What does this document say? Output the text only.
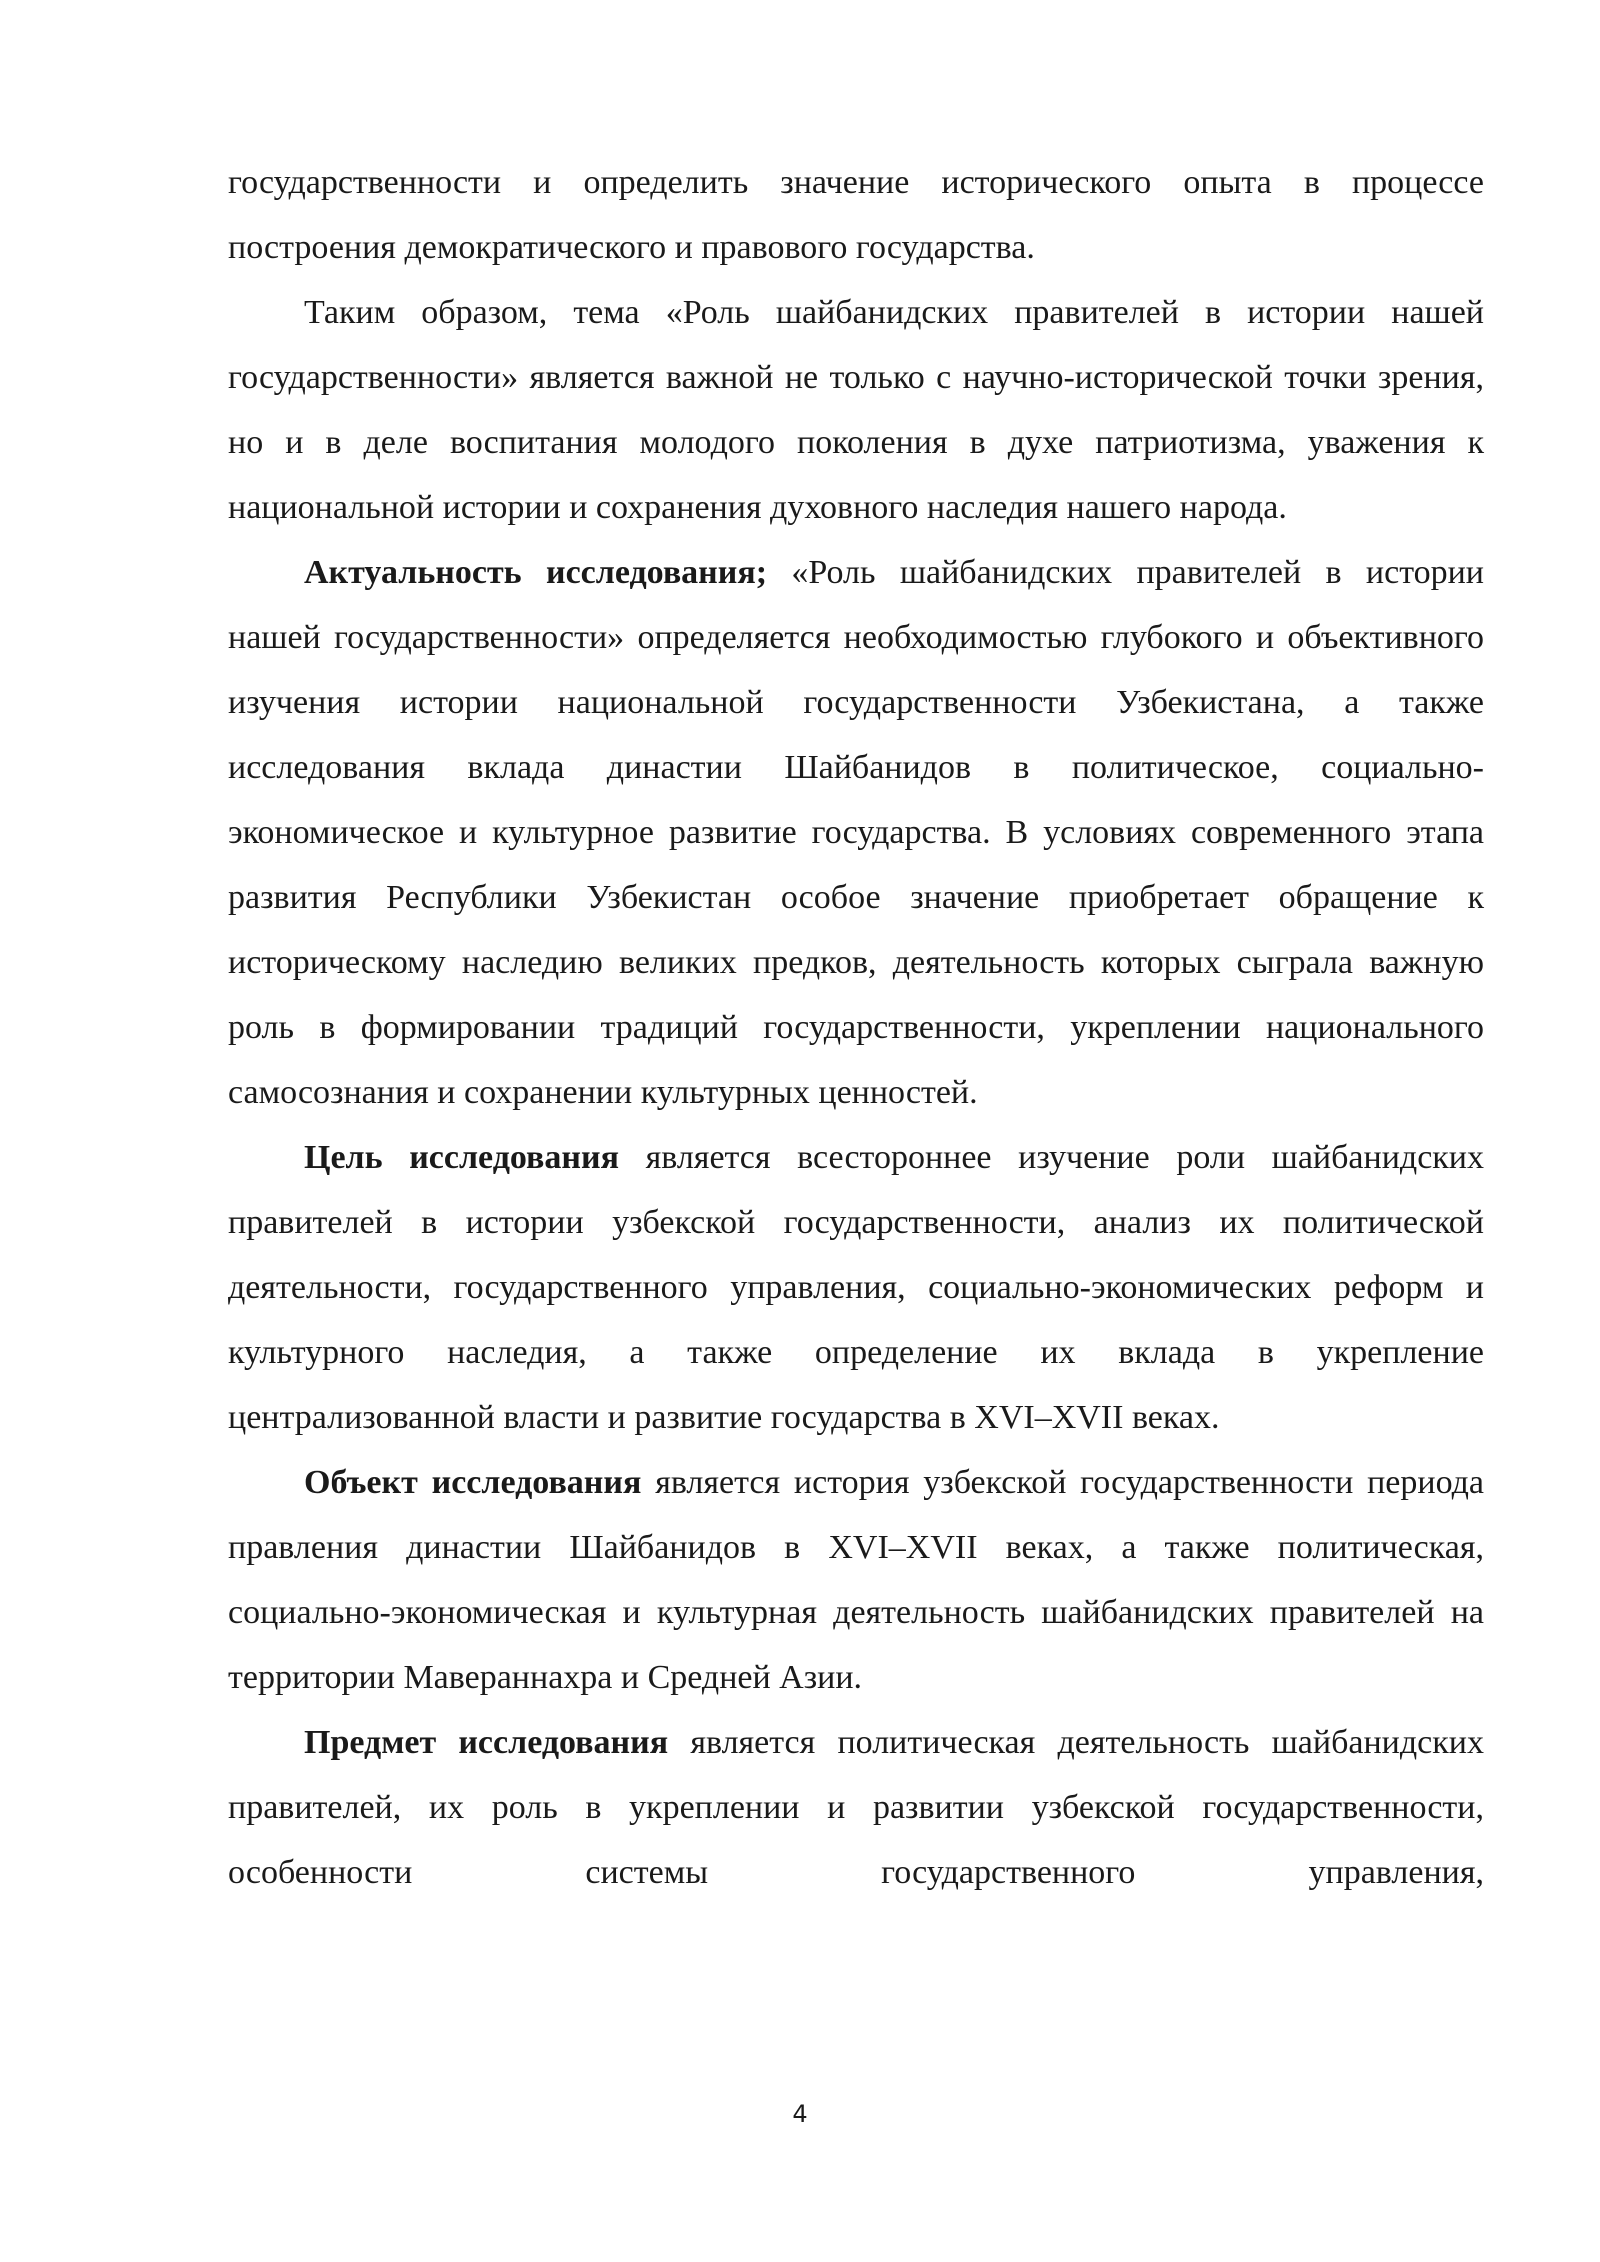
государственности и определить значение исторического опыта в процессе построения демократического и правового государства.

Таким образом, тема «Роль шайбанидских правителей в истории нашей государственности» является важной не только с научно-исторической точки зрения, но и в деле воспитания молодого поколения в духе патриотизма, уважения к национальной истории и сохранения духовного наследия нашего народа.

Актуальность исследования; «Роль шайбанидских правителей в истории нашей государственности» определяется необходимостью глубокого и объективного изучения истории национальной государственности Узбекистана, а также исследования вклада династии Шайбанидов в политическое, социально-экономическое и культурное развитие государства. В условиях современного этапа развития Республики Узбекистан особое значение приобретает обращение к историческому наследию великих предков, деятельность которых сыграла важную роль в формировании традиций государственности, укреплении национального самосознания и сохранении культурных ценностей.

Цель исследования является всестороннее изучение роли шайбанидских правителей в истории узбекской государственности, анализ их политической деятельности, государственного управления, социально-экономических реформ и культурного наследия, а также определение их вклада в укрепление централизованной власти и развитие государства в XVI–XVII веках.

Объект исследования является история узбекской государственности периода правления династии Шайбанидов в XVI–XVII веках, а также политическая, социально-экономическая и культурная деятельность шайбанидских правителей на территории Мавераннахра и Средней Азии.

Предмет исследования является политическая деятельность шайбанидских правителей, их роль в укреплении и развитии узбекской государственности, особенности системы государственного управления,

4
